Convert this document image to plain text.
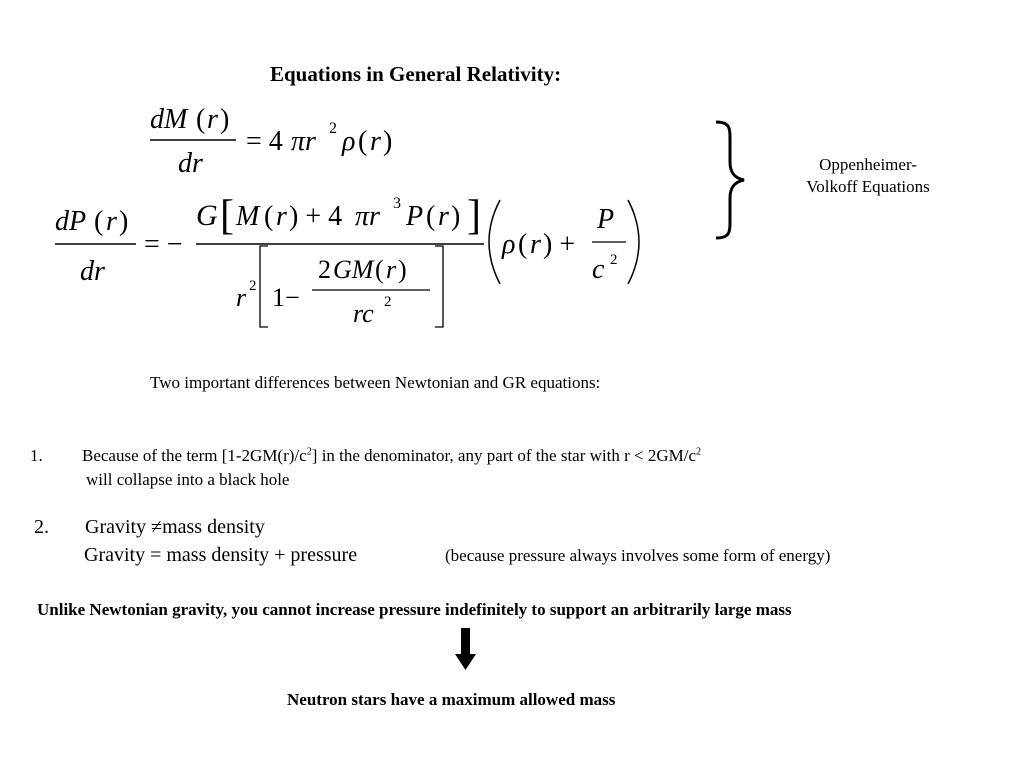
Equations in General Relativity:
dM ( r )
dr
= 4 πr 2 ρ ( r )
dP ( r )
dr
= −
G [ M ( r ) + 4 πr 3 P ( r ) ]
r 2 1−
2 GM ( r )
rc 2
ρ ( r ) +
P
c 2
Oppenheimer-
Volkoff Equations
Two important differences between Newtonian and GR equations:
1. Because of the term $[1-2GM(r)/c^2]$ in the denominator, any part of the star with $r < 2GM/c^2$
will collapse into a black hole
2. Gravity ≠mass density
Gravity = mass density + pressure	(because pressure always involves some form of energy)
Unlike Newtonian gravity, you cannot increase pressure indefinitely to support an arbitrarily large mass
Neutron stars have a maximum allowed mass
